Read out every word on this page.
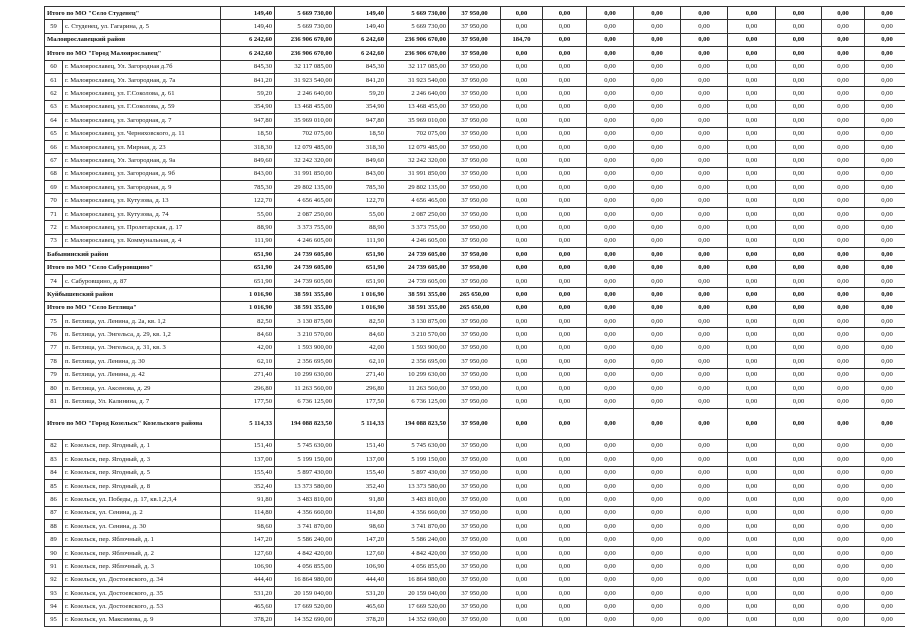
Итого по МО "Село Студенец"		149,40	5 669 730,00	149,40	5 669 730,00	37 950,00	0,00	0,00	0,00	0,00	0,00	0,00	0,00	0,00	0,00
59	с. Студенец, ул. Гагарина, д. 5	149,40	5 669 730,00	149,40	5 669 730,00	37 950,00	0,00	0,00	0,00	0,00	0,00	0,00	0,00	0,00	0,00
Малоярославецкий район		6 242,60	236 906 670,00	6 242,60	236 906 670,00	37 950,00	184,70	0,00	0,00	0,00	0,00	0,00	0,00	0,00	0,00
Итого по МО "Город Малоярославец"		6 242,60	236 906 670,00	6 242,60	236 906 670,00	37 950,00	0,00	0,00	0,00	0,00	0,00	0,00	0,00	0,00	0,00
60	г. Малоярославец, Ул. Загородная д.7б	845,30	32 117 085,00	845,30	32 117 085,00	37 950,00	0,00	0,00	0,00	0,00	0,00	0,00	0,00	0,00	0,00
61	г. Малоярославец, Ул. Загородная, д. 7а	841,20	31 923 540,00	841,20	31 923 540,00	37 950,00	0,00	0,00	0,00	0,00	0,00	0,00	0,00	0,00	0,00
62	г. Малоярославец, ул. Г.Соколова, д. 61	59,20	2 246 640,00	59,20	2 246 640,00	37 950,00	0,00	0,00	0,00	0,00	0,00	0,00	0,00	0,00	0,00
63	г. Малоярославец, ул. Г.Соколова, д. 59	354,90	13 468 455,00	354,90	13 468 455,00	37 950,00	0,00	0,00	0,00	0,00	0,00	0,00	0,00	0,00	0,00
64	г. Малоярославец, ул. Загородная, д. 7	947,80	35 969 010,00	947,80	35 969 010,00	37 950,00	0,00	0,00	0,00	0,00	0,00	0,00	0,00	0,00	0,00
65	г. Малоярославец, ул. Черняховского, д. 11	18,50	702 075,00	18,50	702 075,00	37 950,00	0,00	0,00	0,00	0,00	0,00	0,00	0,00	0,00	0,00
66	г. Малоярославец, ул. Мирная, д. 23	318,30	12 079 485,00	318,30	12 079 485,00	37 950,00	0,00	0,00	0,00	0,00	0,00	0,00	0,00	0,00	0,00
67	г. Малоярославец, Ул. Загородная, д. 9а	849,60	32 242 320,00	849,60	32 242 320,00	37 950,00	0,00	0,00	0,00	0,00	0,00	0,00	0,00	0,00	0,00
68	г. Малоярославец, ул. Загородная, д. 9б	843,00	31 991 850,00	843,00	31 991 850,00	37 950,00	0,00	0,00	0,00	0,00	0,00	0,00	0,00	0,00	0,00
69	г. Малоярославец, ул. Загородная, д. 9	785,30	29 802 135,00	785,30	29 802 135,00	37 950,00	0,00	0,00	0,00	0,00	0,00	0,00	0,00	0,00	0,00
70	г. Малоярославец, ул. Кутузова, д. 13	122,70	4 656 465,00	122,70	4 656 465,00	37 950,00	0,00	0,00	0,00	0,00	0,00	0,00	0,00	0,00	0,00
71	г. Малоярославец, ул. Кутузова, д. 74	55,00	2 087 250,00	55,00	2 087 250,00	37 950,00	0,00	0,00	0,00	0,00	0,00	0,00	0,00	0,00	0,00
72	г. Малоярославец, ул. Пролетарская, д. 17	88,90	3 373 755,00	88,90	3 373 755,00	37 950,00	0,00	0,00	0,00	0,00	0,00	0,00	0,00	0,00	0,00
73	г. Малоярославец, ул. Коммунальная, д. 4	111,90	4 246 605,00	111,90	4 246 605,00	37 950,00	0,00	0,00	0,00	0,00	0,00	0,00	0,00	0,00	0,00
Бабынинский район		651,90	24 739 605,00	651,90	24 739 605,00	37 950,00	0,00	0,00	0,00	0,00	0,00	0,00	0,00	0,00	0,00
Итого по МО "Село Сабуровщино"		651,90	24 739 605,00	651,90	24 739 605,00	37 950,00	0,00	0,00	0,00	0,00	0,00	0,00	0,00	0,00	0,00
74	с. Сабуровщино, д. 87	651,90	24 739 605,00	651,90	24 739 605,00	37 950,00	0,00	0,00	0,00	0,00	0,00	0,00	0,00	0,00	0,00
Куйбышевский район		1 016,90	38 591 355,00	1 016,90	38 591 355,00	265 650,00	0,00	0,00	0,00	0,00	0,00	0,00	0,00	0,00	0,00
Итого по МО "Село Бетлица"		1 016,90	38 591 355,00	1 016,90	38 591 355,00	265 650,00	0,00	0,00	0,00	0,00	0,00	0,00	0,00	0,00	0,00
75	п. Бетлица, ул. Ленина, д. 2а, кв. 1,2	82,50	3 130 875,00	82,50	3 130 875,00	37 950,00	0,00	0,00	0,00	0,00	0,00	0,00	0,00	0,00	0,00
76	п. Бетлица, ул. Энгельса, д. 29, кв. 1,2	84,60	3 210 570,00	84,60	3 210 570,00	37 950,00	0,00	0,00	0,00	0,00	0,00	0,00	0,00	0,00	0,00
77	п. Бетлица, ул. Энгельса, д. 31, кв. 3	42,00	1 593 900,00	42,00	1 593 900,00	37 950,00	0,00	0,00	0,00	0,00	0,00	0,00	0,00	0,00	0,00
78	п. Бетлица, ул. Ленина, д. 30	62,10	2 356 695,00	62,10	2 356 695,00	37 950,00	0,00	0,00	0,00	0,00	0,00	0,00	0,00	0,00	0,00
79	п. Бетлица, ул. Ленина, д. 42	271,40	10 299 630,00	271,40	10 299 630,00	37 950,00	0,00	0,00	0,00	0,00	0,00	0,00	0,00	0,00	0,00
80	п. Бетлица, ул. Аксенова, д. 29	296,80	11 263 560,00	296,80	11 263 560,00	37 950,00	0,00	0,00	0,00	0,00	0,00	0,00	0,00	0,00	0,00
81	п. Бетлица, Ул. Калинина, д. 7	177,50	6 736 125,00	177,50	6 736 125,00	37 950,00	0,00	0,00	0,00	0,00	0,00	0,00	0,00	0,00	0,00
Итого по МО "Город Козельск" Козельского района		5 114,33	194 088 823,50	5 114,33	194 088 823,50	37 950,00	0,00	0,00	0,00	0,00	0,00	0,00	0,00	0,00	0,00
82	г. Козельск, пер. Ягодный, д. 1	151,40	5 745 630,00	151,40	5 745 630,00	37 950,00	0,00	0,00	0,00	0,00	0,00	0,00	0,00	0,00	0,00
83	г. Козельск, пер. Ягодный, д. 3	137,00	5 199 150,00	137,00	5 199 150,00	37 950,00	0,00	0,00	0,00	0,00	0,00	0,00	0,00	0,00	0,00
84	г. Козельск, пер. Ягодный, д. 5	155,40	5 897 430,00	155,40	5 897 430,00	37 950,00	0,00	0,00	0,00	0,00	0,00	0,00	0,00	0,00	0,00
85	г. Козельск, пер. Ягодный, д. 8	352,40	13 373 580,00	352,40	13 373 580,00	37 950,00	0,00	0,00	0,00	0,00	0,00	0,00	0,00	0,00	0,00
86	г. Козельск, ул. Победы, д. 17, кв.1,2,3,4	91,80	3 483 810,00	91,80	3 483 810,00	37 950,00	0,00	0,00	0,00	0,00	0,00	0,00	0,00	0,00	0,00
87	г. Козельск, ул. Сенина, д. 2	114,80	4 356 660,00	114,80	4 356 660,00	37 950,00	0,00	0,00	0,00	0,00	0,00	0,00	0,00	0,00	0,00
88	г. Козельск, ул. Сенина, д. 30	98,60	3 741 870,00	98,60	3 741 870,00	37 950,00	0,00	0,00	0,00	0,00	0,00	0,00	0,00	0,00	0,00
89	г. Козельск, пер. Яблочный, д. 1	147,20	5 586 240,00	147,20	5 586 240,00	37 950,00	0,00	0,00	0,00	0,00	0,00	0,00	0,00	0,00	0,00
90	г. Козельск, пер. Яблочный, д. 2	127,60	4 842 420,00	127,60	4 842 420,00	37 950,00	0,00	0,00	0,00	0,00	0,00	0,00	0,00	0,00	0,00
91	г. Козельск, пер. Яблочный, д. 3	106,90	4 056 855,00	106,90	4 056 855,00	37 950,00	0,00	0,00	0,00	0,00	0,00	0,00	0,00	0,00	0,00
92	г. Козельск, ул. Достоевского, д. 34	444,40	16 864 980,00	444,40	16 864 980,00	37 950,00	0,00	0,00	0,00	0,00	0,00	0,00	0,00	0,00	0,00
93	г. Козельск, ул. Достоевского, д. 35	531,20	20 159 040,00	531,20	20 159 040,00	37 950,00	0,00	0,00	0,00	0,00	0,00	0,00	0,00	0,00	0,00
94	г. Козельск, ул. Достоевского, д. 53	465,60	17 669 520,00	465,60	17 669 520,00	37 950,00	0,00	0,00	0,00	0,00	0,00	0,00	0,00	0,00	0,00
95	г. Козельск, ул. Максимова, д. 9	378,20	14 352 690,00	378,20	14 352 690,00	37 950,00	0,00	0,00	0,00	0,00	0,00	0,00	0,00	0,00	0,00
